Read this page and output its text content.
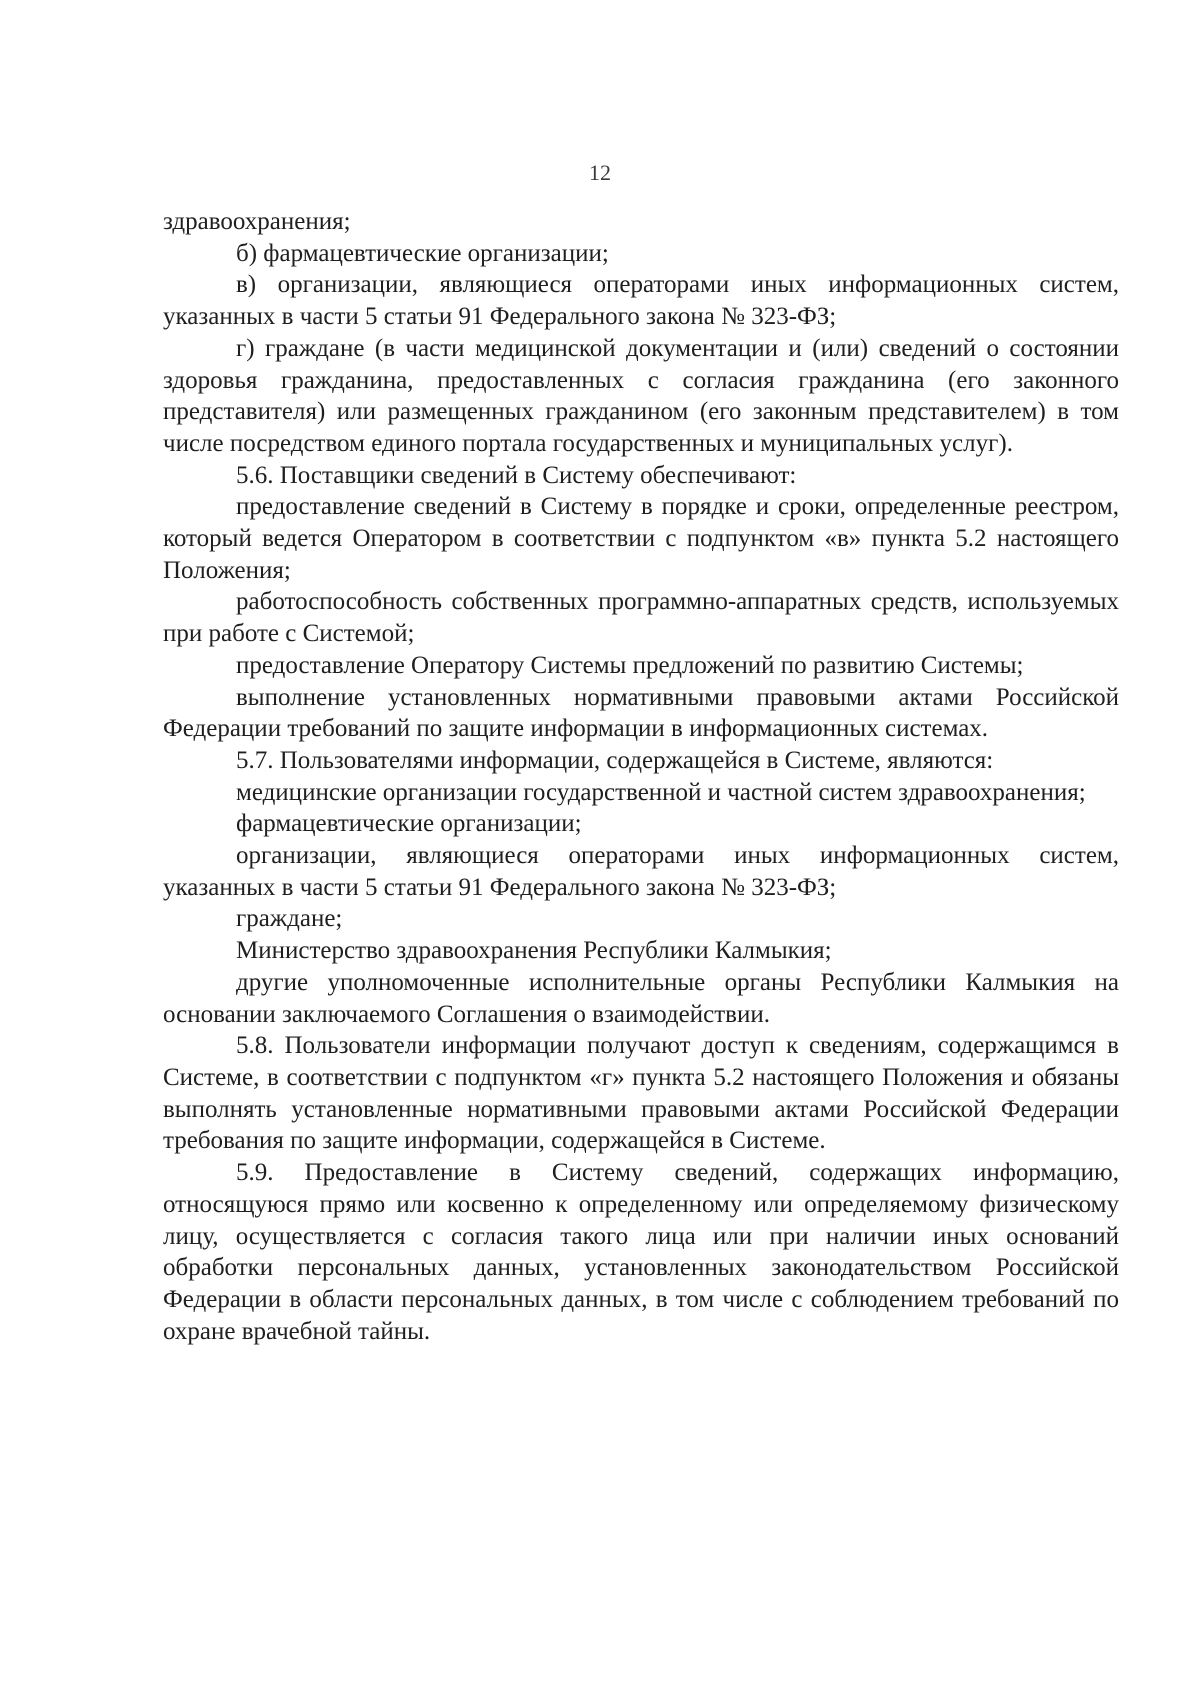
12

здравоохранения;

б) фармацевтические организации;

в) организации, являющиеся операторами иных информационных систем, указанных в части 5 статьи 91 Федерального закона № 323-ФЗ;

г) граждане (в части медицинской документации и (или) сведений о состоянии здоровья гражданина, предоставленных с согласия гражданина (его законного представителя) или размещенных гражданином (его законным представителем) в том числе посредством единого портала государственных и муниципальных услуг).

5.6. Поставщики сведений в Систему обеспечивают:

предоставление сведений в Систему в порядке и сроки, определенные реестром, который ведется Оператором в соответствии с подпунктом «в» пункта 5.2 настоящего Положения;

работоспособность собственных программно-аппаратных средств, используемых при работе с Системой;

предоставление Оператору Системы предложений по развитию Системы;

выполнение установленных нормативными правовыми актами Российской Федерации требований по защите информации в информационных системах.

5.7. Пользователями информации, содержащейся в Системе, являются:

медицинские организации государственной и частной систем здравоохранения;

фармацевтические организации;

организации, являющиеся операторами иных информационных систем, указанных в части 5 статьи 91 Федерального закона № 323-ФЗ;

граждане;

Министерство здравоохранения Республики Калмыкия;

другие уполномоченные исполнительные органы Республики Калмыкия на основании заключаемого Соглашения о взаимодействии.

5.8. Пользователи информации получают доступ к сведениям, содержащимся в Системе, в соответствии с подпунктом «г» пункта 5.2 настоящего Положения и обязаны выполнять установленные нормативными правовыми актами Российской Федерации требования по защите информации, содержащейся в Системе.

5.9. Предоставление в Систему сведений, содержащих информацию, относящуюся прямо или косвенно к определенному или определяемому физическому лицу, осуществляется с согласия такого лица или при наличии иных оснований обработки персональных данных, установленных законодательством Российской Федерации в области персональных данных, в том числе с соблюдением требований по охране врачебной тайны.
